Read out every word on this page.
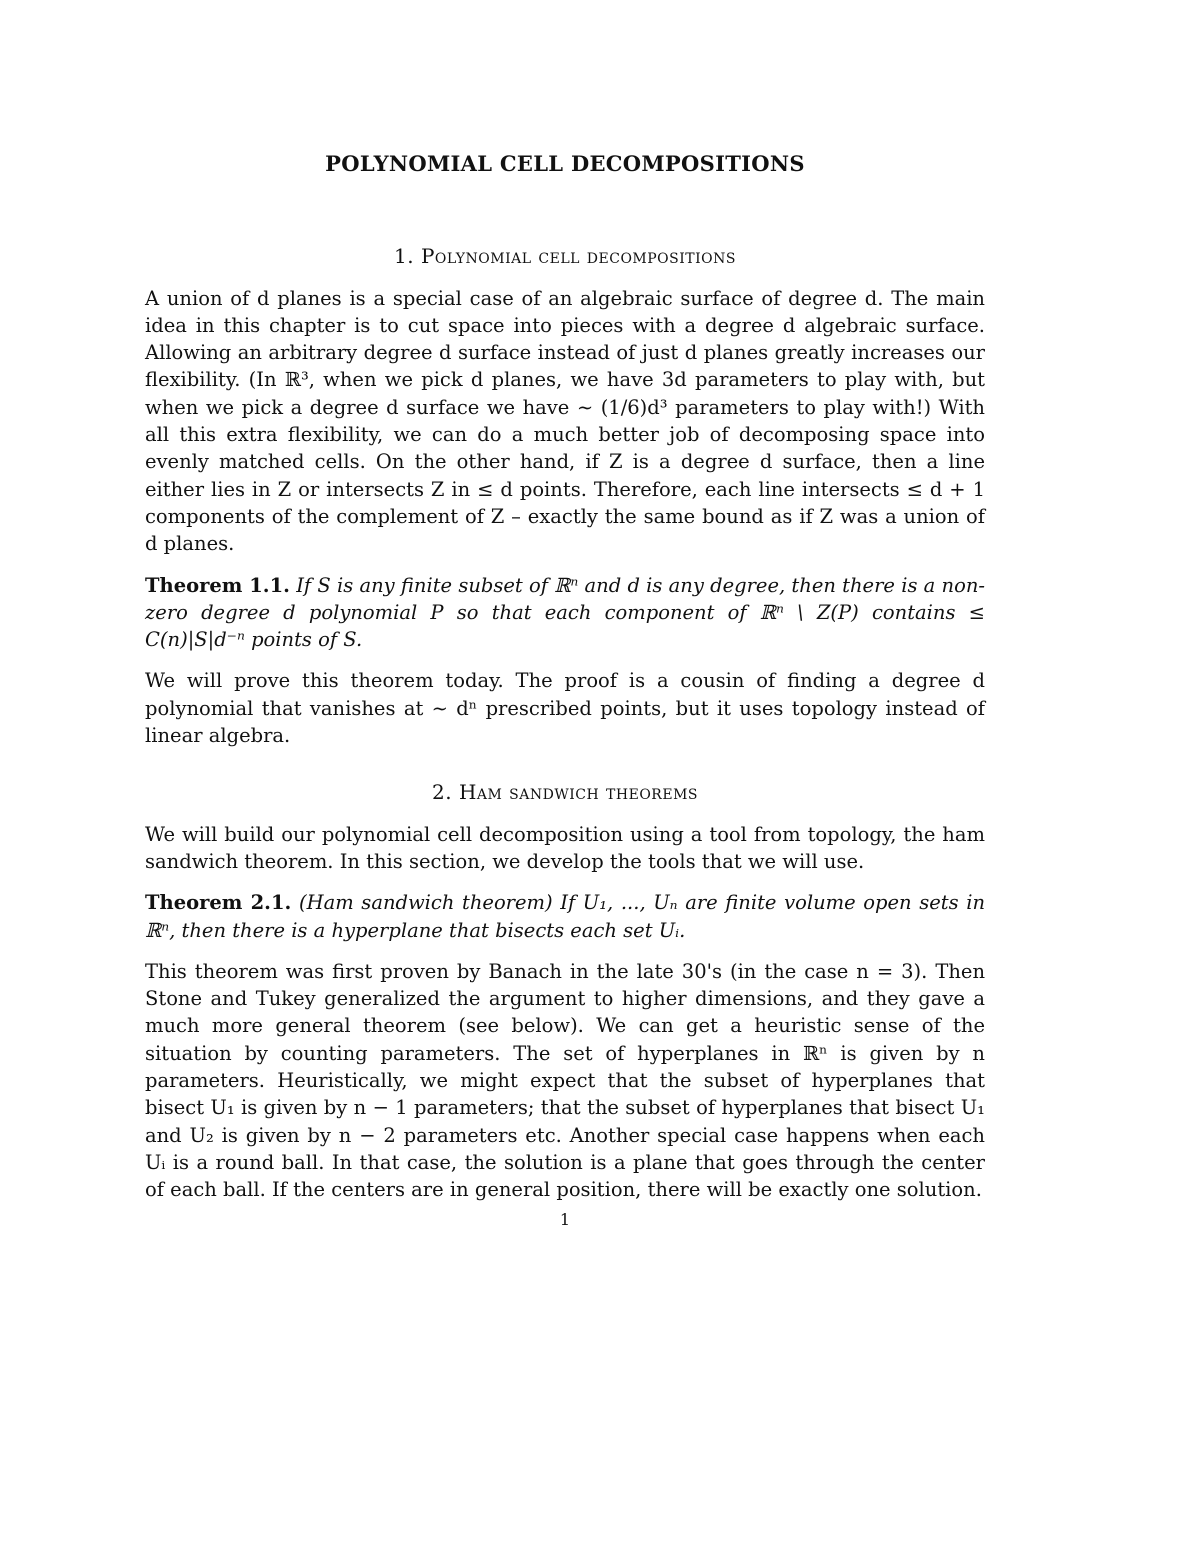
POLYNOMIAL CELL DECOMPOSITIONS
1. Polynomial cell decompositions

A union of d planes is a special case of an algebraic surface of degree d. The main idea in this chapter is to cut space into pieces with a degree d algebraic surface. Allowing an arbitrary degree d surface instead of just d planes greatly increases our flexibility. (In ℝ³, when we pick d planes, we have 3d parameters to play with, but when we pick a degree d surface we have ∼ (1/6)d³ parameters to play with!) With all this extra flexibility, we can do a much better job of decomposing space into evenly matched cells. On the other hand, if Z is a degree d surface, then a line either lies in Z or intersects Z in ≤ d points. Therefore, each line intersects ≤ d + 1 components of the complement of Z – exactly the same bound as if Z was a union of d planes.

Theorem 1.1. If S is any finite subset of ℝⁿ and d is any degree, then there is a non-zero degree d polynomial P so that each component of ℝⁿ \ Z(P) contains ≤ C(n)|S|d⁻ⁿ points of S.

We will prove this theorem today. The proof is a cousin of finding a degree d polynomial that vanishes at ∼ dⁿ prescribed points, but it uses topology instead of linear algebra.

2. Ham sandwich theorems

We will build our polynomial cell decomposition using a tool from topology, the ham sandwich theorem. In this section, we develop the tools that we will use.

Theorem 2.1. (Ham sandwich theorem) If U₁, ..., Uₙ are finite volume open sets in ℝⁿ, then there is a hyperplane that bisects each set Uᵢ.

This theorem was first proven by Banach in the late 30's (in the case n = 3). Then Stone and Tukey generalized the argument to higher dimensions, and they gave a much more general theorem (see below). We can get a heuristic sense of the situation by counting parameters. The set of hyperplanes in ℝⁿ is given by n parameters. Heuristically, we might expect that the subset of hyperplanes that bisect U₁ is given by n − 1 parameters; that the subset of hyperplanes that bisect U₁ and U₂ is given by n − 2 parameters etc. Another special case happens when each Uᵢ is a round ball. In that case, the solution is a plane that goes through the center of each ball. If the centers are in general position, there will be exactly one solution.

1
